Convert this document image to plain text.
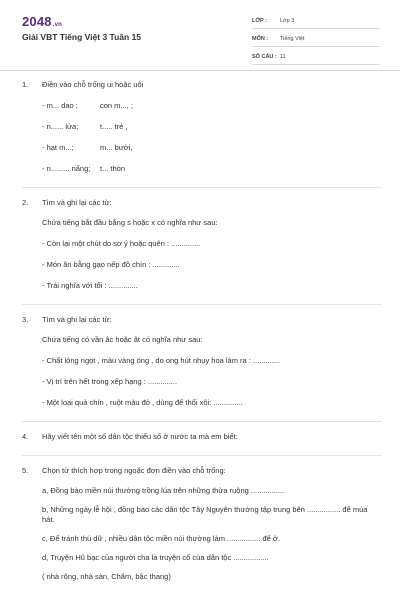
2048.vn
Giải VBT Tiếng Việt 3 Tuần 15
LỚP :	Lớp 3
MÔN :	Tiếng Việt
SỐ CÂU : 11
1.	Điền vào chỗ trống ui hoặc uôi
- m... dao ;	con m..., ;
- n...... lửa;	t..... trẻ ,
- hạt m...;	m... bưởi,
- n......... nấng; t... thòn
2.	Tìm và ghi lại các từ:
Chứa tiếng bắt đầu bằng s hoặc x có nghĩa như sau:
- Còn lại một chút do sơ ý hoặc quên : ..............
- Món ăn bằng gạo nếp đồ chín : .............
- Trái nghĩa với tối : ..............
3.	Tìm và ghi lại các từ:
Chứa tiếng có vần âc hoặc ât có nghĩa như sau:
- Chất lỏng ngọt , màu vàng óng , do ong hút nhụy hoa làm ra : .............
- Vị trí trên hết trong xếp hạng : ..............
- Một loại quả chín , ruột màu đỏ , dùng để thổi xôi: ..............
4.	Hãy viết tên một số dân tộc thiểu số ở nước ta mà em biết:
5.	Chọn từ thích hợp trong ngoặc đơn điền vào chỗ trống:
a, Đồng bào miền núi thường trồng lúa trên những thửa ruộng ................
b, Những ngày lễ hội , đồng bào các dân tộc Tây Nguyên thường tập trung bên ................ để múa hát.
c, Để tránh thú dữ , nhiều dân tộc miền núi thường làm ................ để ở.
d, Truyện Hũ bạc của người cha là truyện cổ của dân tộc .................
( nhà rông, nhà sàn, Chăm, bậc thang)
